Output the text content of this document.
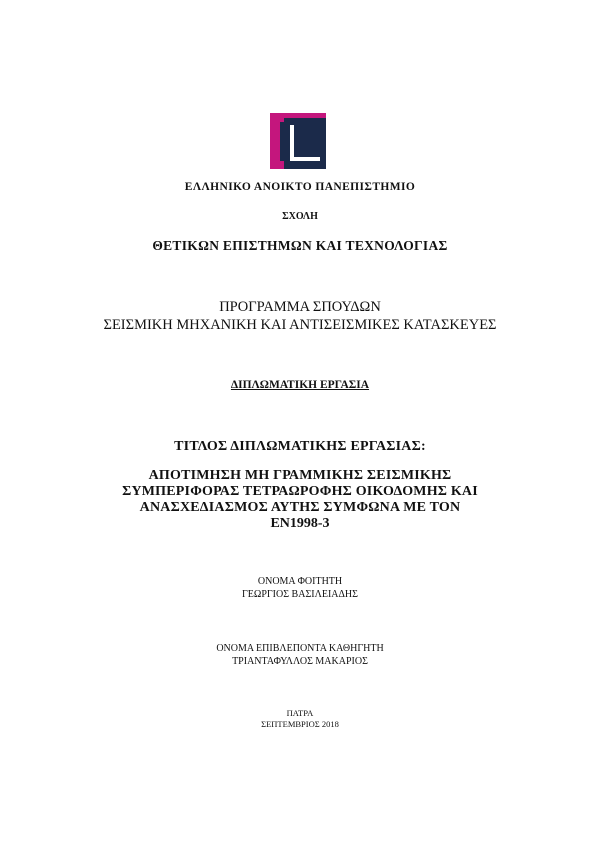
ΕΛΛΗΝΙΚΟ ΑΝΟΙΚΤΟ ΠΑΝΕΠΙΣΤΗΜΙΟ
ΣΧΟΛΗ
ΘΕΤΙΚΩΝ ΕΠΙΣΤΗΜΩΝ ΚΑΙ ΤΕΧΝΟΛΟΓΙΑΣ
ΠΡΟΓΡΑΜΜΑ ΣΠΟΥΔΩΝ
ΣΕΙΣΜΙΚΗ ΜΗΧΑΝΙΚΗ ΚΑΙ ΑΝΤΙΣΕΙΣΜΙΚΕΣ ΚΑΤΑΣΚΕΥΕΣ
ΔΙΠΛΩΜΑΤΙΚΗ ΕΡΓΑΣΙΑ
ΤΙΤΛΟΣ ΔΙΠΛΩΜΑΤΙΚΗΣ ΕΡΓΑΣΙΑΣ:
ΑΠΟΤΙΜΗΣΗ ΜΗ ΓΡΑΜΜΙΚΗΣ ΣΕΙΣΜΙΚΗΣ
ΣΥΜΠΕΡΙΦΟΡΑΣ ΤΕΤΡΑΩΡΟΦΗΣ ΟΙΚΟΔΟΜΗΣ ΚΑΙ
ΑΝΑΣΧΕΔΙΑΣΜΟΣ ΑΥΤΗΣ ΣΥΜΦΩΝΑ ΜΕ ΤΟΝ
EN1998-3
ΟΝΟΜΑ ΦΟΙΤΗΤΗ
ΓΕΩΡΓΙΟΣ ΒΑΣΙΛΕΙΑΔΗΣ
ΟΝΟΜΑ ΕΠΙΒΛΕΠΟΝΤΑ ΚΑΘΗΓΗΤΗ
ΤΡΙΑΝΤΑΦΥΛΛΟΣ ΜΑΚΑΡΙΟΣ
ΠΑΤΡΑ
ΣΕΠΤΕΜΒΡΙΟΣ 2018
